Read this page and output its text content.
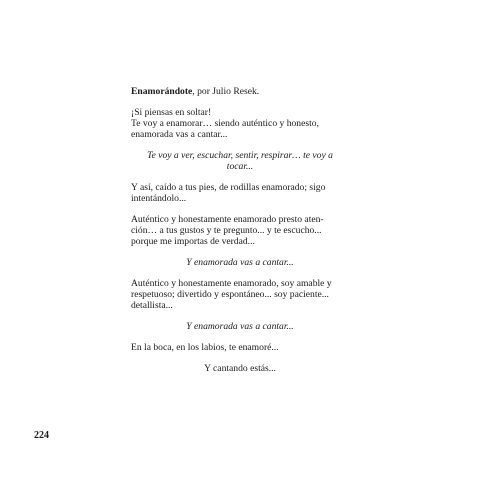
Enamorándote, por Julio Resek.
¡Si piensas en soltar!
Te voy a enamorar… siendo auténtico y honesto,
enamorada vas a cantar...
Te voy a ver, escuchar, sentir, respirar… te voy a
tocar...
Y así, caído a tus pies, de rodillas enamorado; sigo
intentándolo...
Auténtico y honestamente enamorado presto aten-
ción… a tus gustos y te pregunto... y te escucho...
porque me importas de verdad...
Y enamorada vas a cantar...
Auténtico y honestamente enamorado, soy amable y
respetuoso; divertido y espontáneo... soy paciente...
detallista...
Y enamorada vas a cantar...
En la boca, en los labios, te enamoré...
Y cantando estás...
224
